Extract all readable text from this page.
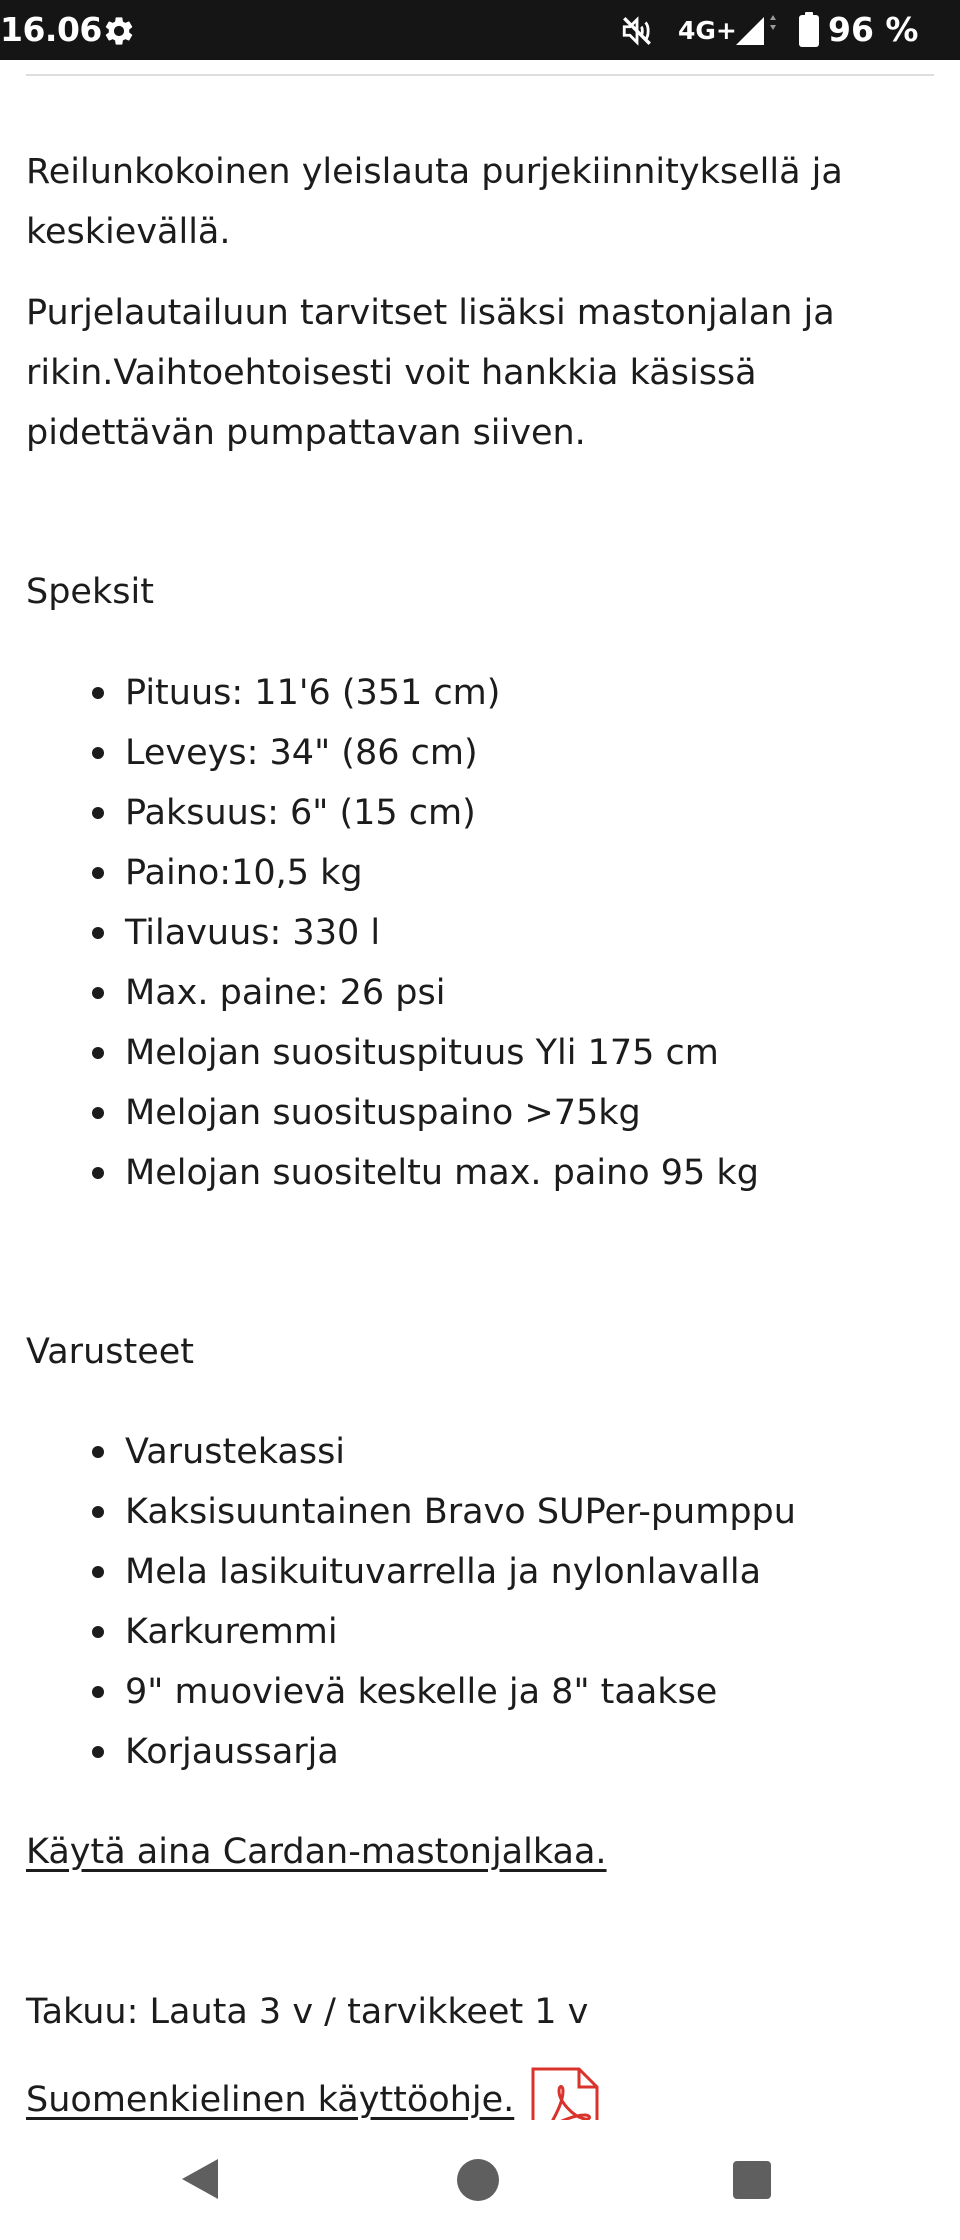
16.06	4G+	96 %

Reilunkokoinen yleislauta purjekiinnityksellä ja keskievällä.

Purjelautailuun tarvitset lisäksi mastonjalan ja rikin.Vaihtoehtoisesti voit hankkia käsissä pidettävän pumpattavan siiven.

Speksit
Pituus: 11'6 (351 cm)
Leveys: 34" (86 cm)
Paksuus: 6" (15 cm)
Paino:10,5 kg
Tilavuus: 330 l
Max. paine: 26 psi
Melojan suosituspituus Yli 175 cm
Melojan suosituspaino >75kg
Melojan suositeltu max. paino 95 kg
Varusteet
Varustekassi
Kaksisuuntainen Bravo SUPer-pumppu
Mela lasikuituvarrella ja nylonlavalla
Karkuremmi
9" muovievä keskelle ja 8" taakse
Korjaussarja
Käytä aina Cardan-mastonjalkaa.

Takuu: Lauta 3 v / tarvikkeet 1 v

Suomenkielinen käyttöohje.
